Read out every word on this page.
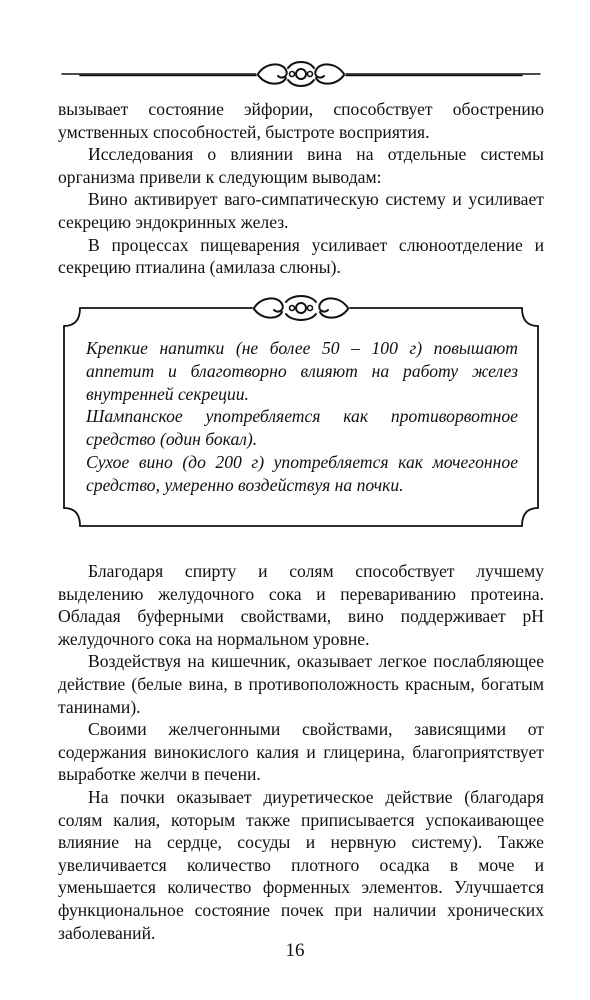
вызывает состояние эйфории, способствует обострению умственных способностей, быстроте восприятия.

Исследования о влиянии вина на отдельные системы организма привели к следующим выводам:

Вино активирует ваго-симпатическую систему и усиливает секрецию эндокринных желез.

В процессах пищеварения усиливает слюноотделение и секрецию птиалина (амилаза слюны).

Крепкие напитки (не более 50 – 100 г) повышают аппетит и благотворно влияют на работу желез внутренней секреции.

Шампанское употребляется как противорвотное средство (один бокал).

Сухое вино (до 200 г) употребляется как мочегонное средство, умеренно воздействуя на почки.

Благодаря спирту и солям способствует лучшему выделению желудочного сока и перевариванию протеина. Обладая буферными свойствами, вино поддерживает pH желудочного сока на нормальном уровне.

Воздействуя на кишечник, оказывает легкое послабляющее действие (белые вина, в противоположность красным, богатым танинами).

Своими желчегонными свойствами, зависящими от содержания винокислого калия и глицерина, благоприятствует выработке желчи в печени.

На почки оказывает диуретическое действие (благодаря солям калия, которым также приписывается успокаивающее влияние на сердце, сосуды и нервную систему). Также увеличивается количество плотного осадка в моче и уменьшается количество форменных элементов. Улучшается функциональное состояние почек при наличии хронических заболеваний.

16
